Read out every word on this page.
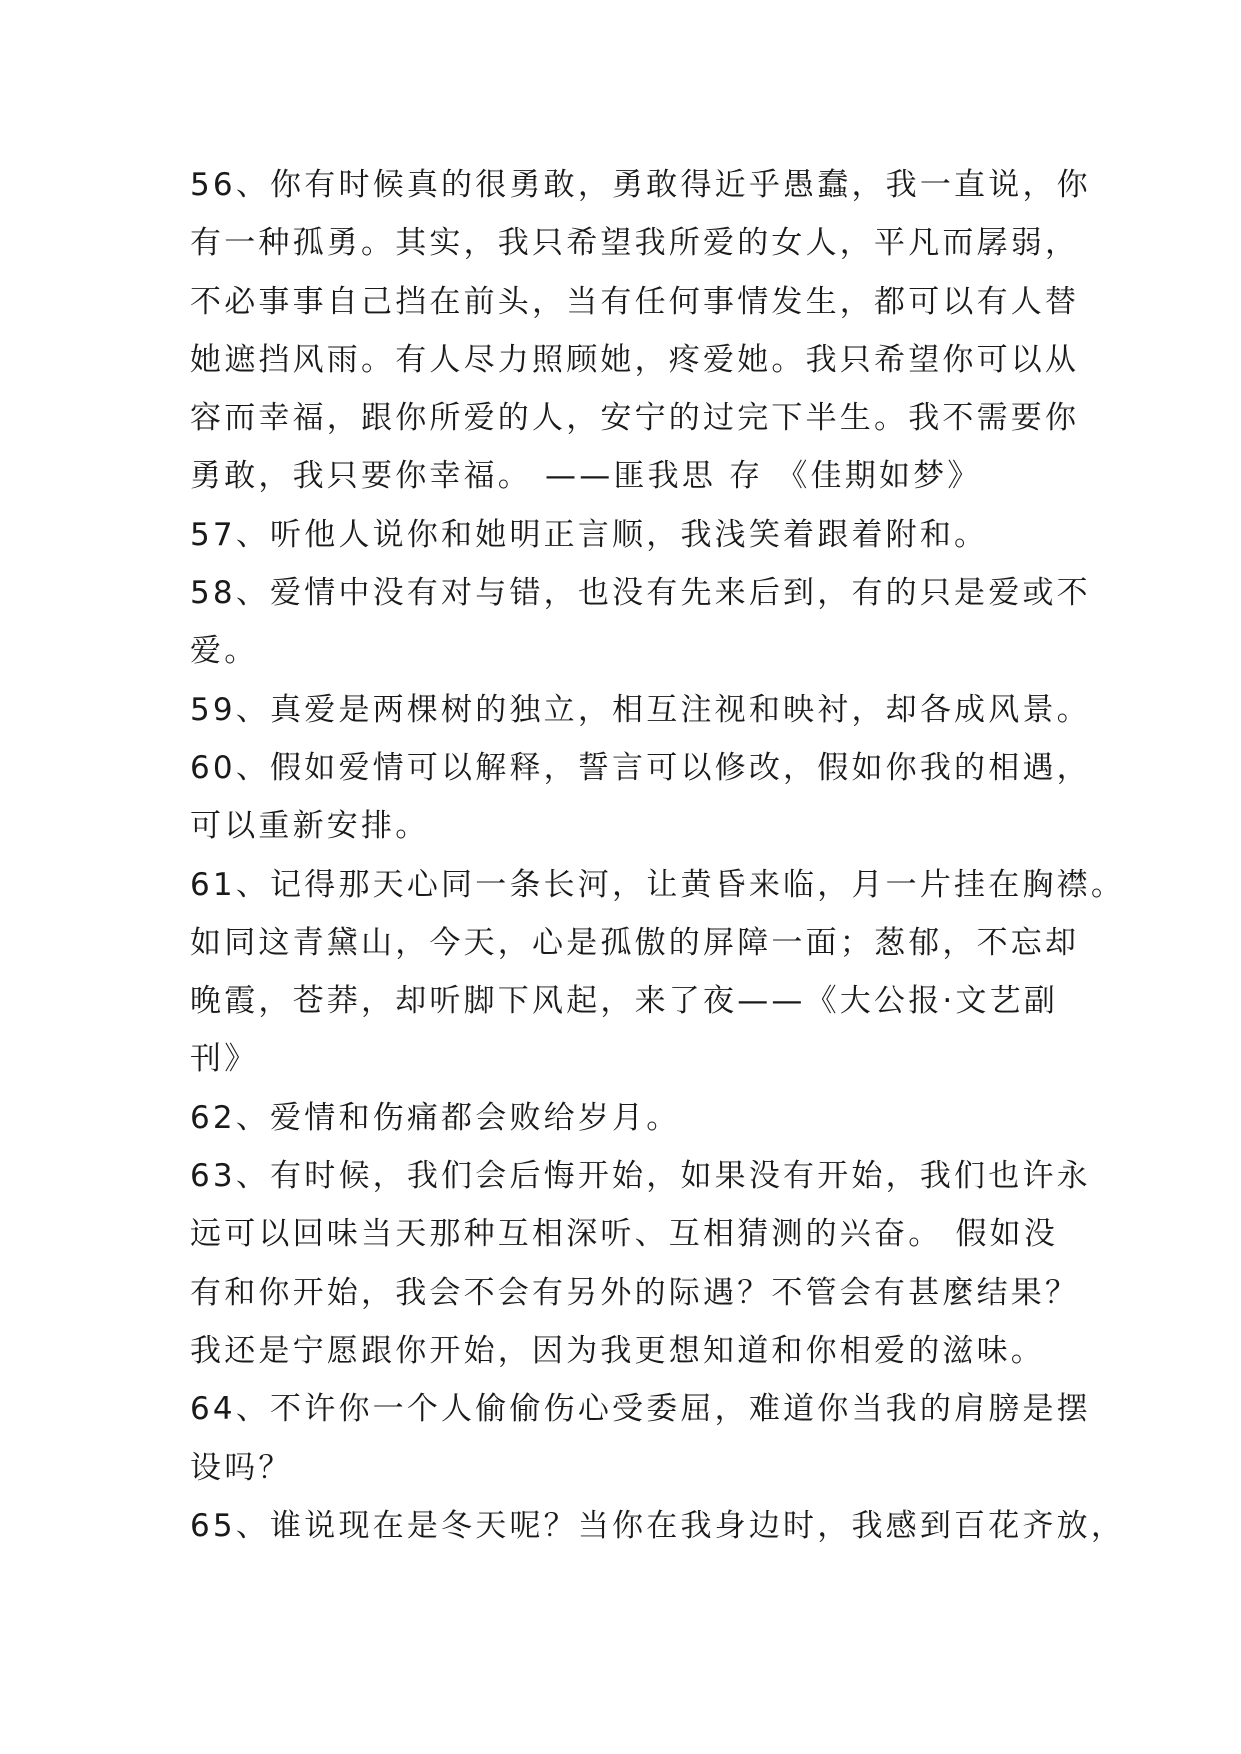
56、你有时候真的很勇敢，勇敢得近乎愚蠢，我一直说，你
有一种孤勇。其实，我只希望我所爱的女人，平凡而孱弱，
不必事事自己挡在前头，当有任何事情发生，都可以有人替
她遮挡风雨。有人尽力照顾她，疼爱她。我只希望你可以从
容而幸福，跟你所爱的人，安宁的过完下半生。我不需要你
勇敢，我只要你幸福。 ——匪我思 存 《佳期如梦》
57、听他人说你和她明正言顺，我浅笑着跟着附和。
58、爱情中没有对与错，也没有先来后到，有的只是爱或不
爱。
59、真爱是两棵树的独立，相互注视和映衬，却各成风景。
60、假如爱情可以解释，誓言可以修改，假如你我的相遇，
可以重新安排。
61、记得那天心同一条长河，让黄昏来临，月一片挂在胸襟。
如同这青黛山，今天，心是孤傲的屏障一面；葱郁，不忘却
晚霞，苍莽，却听脚下风起，来了夜——《大公报·文艺副
刊》
62、爱情和伤痛都会败给岁月。
63、有时候，我们会后悔开始，如果没有开始，我们也许永
远可以回味当天那种互相深听、互相猜测的兴奋。 假如没
有和你开始，我会不会有另外的际遇？不管会有甚麼结果？
我还是宁愿跟你开始，因为我更想知道和你相爱的滋味。
64、不许你一个人偷偷伤心受委屈，难道你当我的肩膀是摆
设吗？
65、谁说现在是冬天呢？当你在我身边时，我感到百花齐放，
